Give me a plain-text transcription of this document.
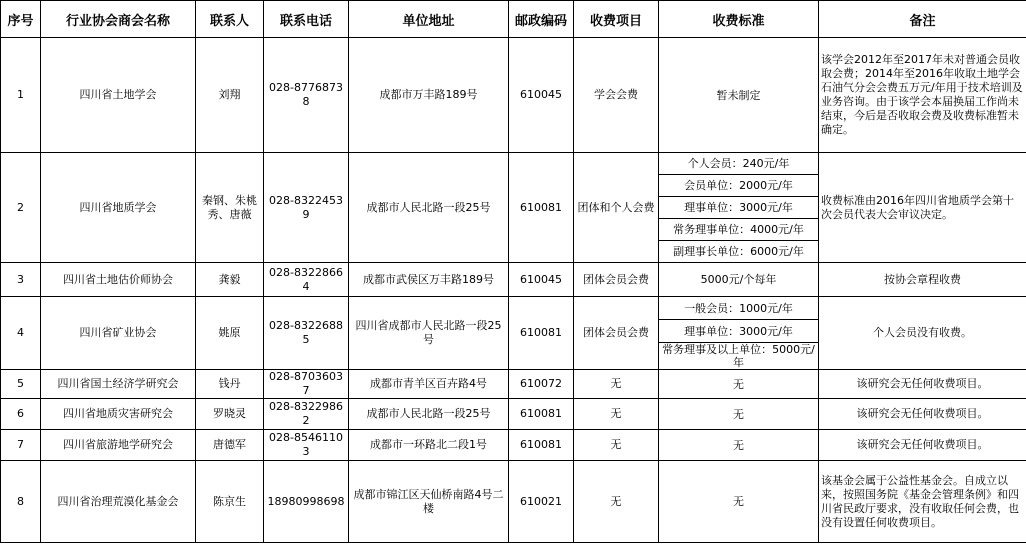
序号	行业协会商会名称	联系人	联系电话	单位地址	邮政编码	收费项目	收费标准	备注
1	四川省土地学会	刘翔	028-87768738	成都市万丰路189号	610045	学会会费	暂未制定	该学会2012年至2017年未对普通会员收取会费；2014年至2016年收取土地学会石油气分会会费五万元/年用于技术培训及业务咨询。由于该学会本届换届工作尚未结束，今后是否收取会费及收费标准暂未确定。
2	四川省地质学会	秦钢、朱桃秀、唐薇	028-83224539	成都市人民北路一段25号	610081	团体和个人会费	个人会员：240元/年
会员单位：2000元/年
理事单位：3000元/年
常务理事单位：4000元/年
副理事长单位：6000元/年	收费标准由2016年四川省地质学会第十次会员代表大会审议决定。
3	四川省土地估价师协会	龚毅	028-83228664	成都市武侯区万丰路189号	610045	团体会员会费	5000元/个每年	按协会章程收费
4	四川省矿业协会	姚原	028-83226885	四川省成都市人民北路一段25号	610081	团体会员会费	一般会员：1000元/年
理事单位：3000元/年
常务理事及以上单位：5000元/年	个人会员没有收费。
5	四川省国土经济学研究会	钱丹	028-87036037	成都市青羊区百卉路4号	610072	无	无	该研究会无任何收费项目。
6	四川省地质灾害研究会	罗晓灵	028-83229862	成都市人民北路一段25号	610081	无	无	该研究会无任何收费项目。
7	四川省旅游地学研究会	唐德军	028-85461103	成都市一环路北二段1号	610081	无	无	该研究会无任何收费项目。
8	四川省治理荒漠化基金会	陈京生	18980998698	成都市锦江区天仙桥南路4号二楼	610021	无	无	该基金会属于公益性基金会。自成立以来，按照国务院《基金会管理条例》和四川省民政厅要求，没有收取任何会费，也没有设置任何收费项目。
